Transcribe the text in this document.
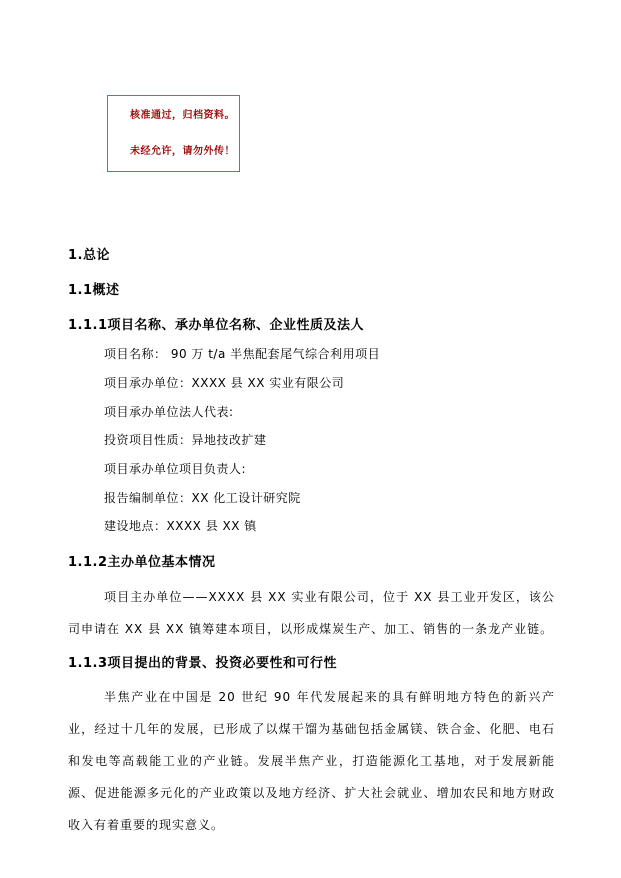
核准通过，归档资料。
未经允许，请勿外传！
1.总论
1.1概述
1.1.1项目名称、承办单位名称、企业性质及法人
项目名称： 90 万 t/a 半焦配套尾气综合利用项目
项目承办单位：XXXX 县 XX 实业有限公司
项目承办单位法人代表:
投资项目性质：异地技改扩建
项目承办单位项目负责人:
报告编制单位：XX 化工设计研究院
建设地点：XXXX 县 XX 镇
1.1.2主办单位基本情况
项目主办单位——XXXX 县 XX 实业有限公司，位于 XX 县工业开发区，该公司申请在 XX 县 XX 镇筹建本项目，以形成煤炭生产、加工、销售的一条龙产业链。
1.1.3项目提出的背景、投资必要性和可行性
半焦产业在中国是 20 世纪 90 年代发展起来的具有鲜明地方特色的新兴产业，经过十几年的发展，已形成了以煤干馏为基础包括金属镁、铁合金、化肥、电石和发电等高载能工业的产业链。发展半焦产业，打造能源化工基地，对于发展新能源、促进能源多元化的产业政策以及地方经济、扩大社会就业、增加农民和地方财政收入有着重要的现实意义。
